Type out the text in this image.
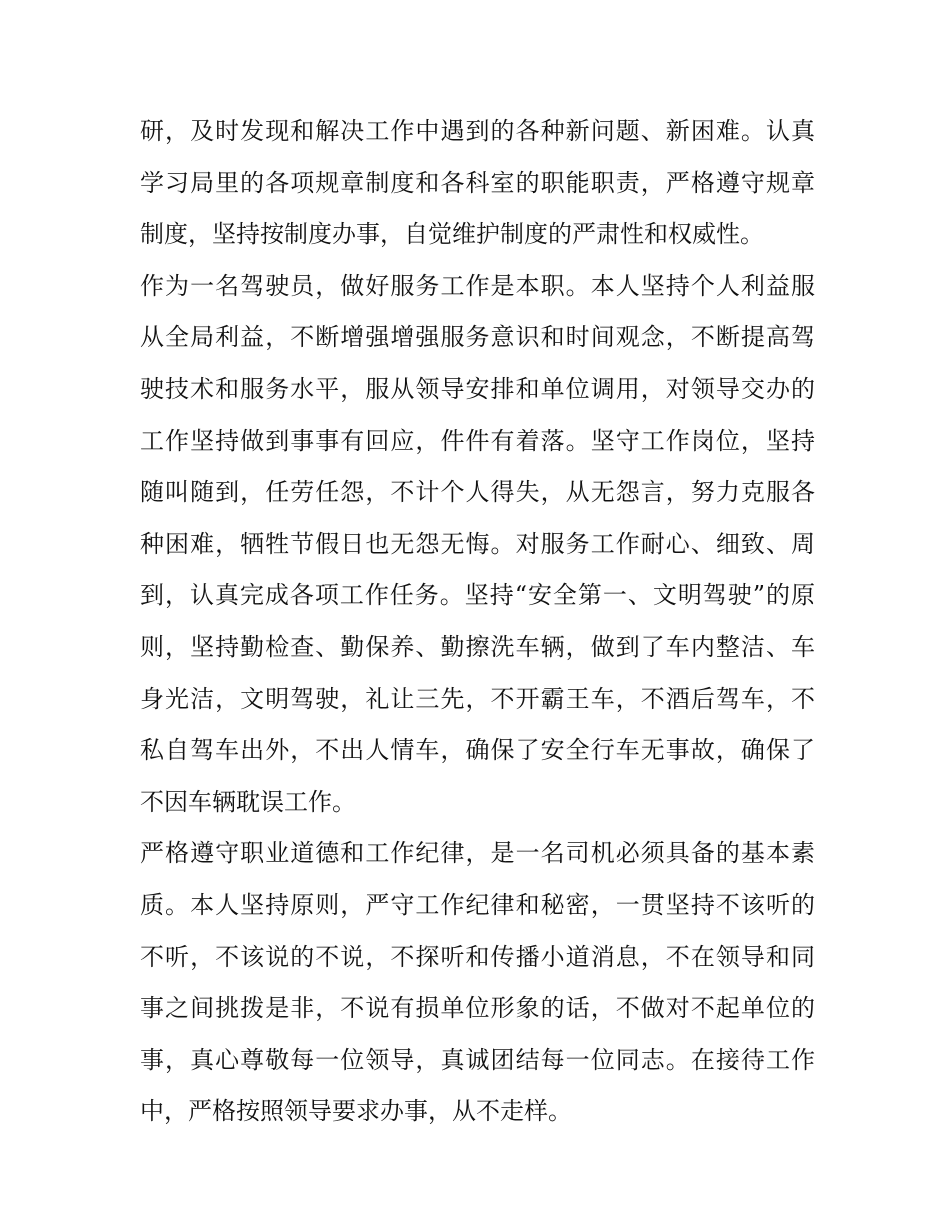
研，及时发现和解决工作中遇到的各种新问题、新困难。认真
学习局里的各项规章制度和各科室的职能职责，严格遵守规章
制度，坚持按制度办事，自觉维护制度的严肃性和权威性。
作为一名驾驶员，做好服务工作是本职。本人坚持个人利益服
从全局利益，不断增强增强服务意识和时间观念，不断提高驾
驶技术和服务水平，服从领导安排和单位调用，对领导交办的
工作坚持做到事事有回应，件件有着落。坚守工作岗位，坚持
随叫随到，任劳任怨，不计个人得失，从无怨言，努力克服各
种困难，牺牲节假日也无怨无悔。对服务工作耐心、细致、周
到，认真完成各项工作任务。坚持“安全第一、文明驾驶”的原
则，坚持勤检查、勤保养、勤擦洗车辆，做到了车内整洁、车
身光洁，文明驾驶，礼让三先，不开霸王车，不酒后驾车，不
私自驾车出外，不出人情车，确保了安全行车无事故，确保了
不因车辆耽误工作。
严格遵守职业道德和工作纪律，是一名司机必须具备的基本素
质。本人坚持原则，严守工作纪律和秘密，一贯坚持不该听的
不听，不该说的不说，不探听和传播小道消息，不在领导和同
事之间挑拨是非，不说有损单位形象的话，不做对不起单位的
事，真心尊敬每一位领导，真诚团结每一位同志。在接待工作
中，严格按照领导要求办事，从不走样。
